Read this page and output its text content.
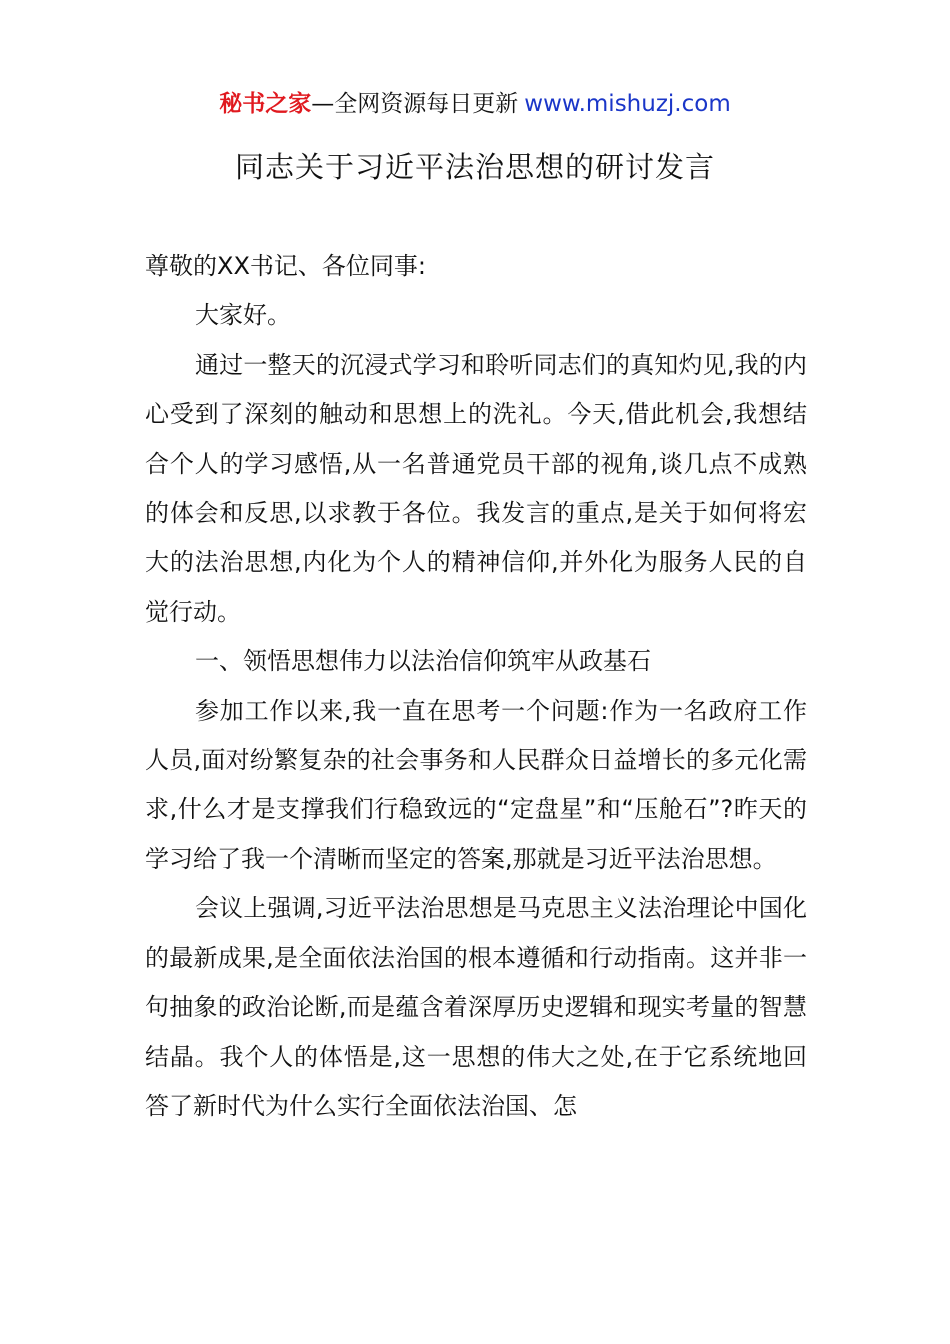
秘书之家—全网资源每日更新 www.mishuzj.com
同志关于习近平法治思想的研讨发言

尊敬的XX书记、各位同事:

大家好。

通过一整天的沉浸式学习和聆听同志们的真知灼见,我的内心受到了深刻的触动和思想上的洗礼。今天,借此机会,我想结合个人的学习感悟,从一名普通党员干部的视角,谈几点不成熟的体会和反思,以求教于各位。我发言的重点,是关于如何将宏大的法治思想,内化为个人的精神信仰,并外化为服务人民的自觉行动。

一、领悟思想伟力以法治信仰筑牢从政基石

参加工作以来,我一直在思考一个问题:作为一名政府工作人员,面对纷繁复杂的社会事务和人民群众日益增长的多元化需求,什么才是支撑我们行稳致远的“定盘星”和“压舱石”?昨天的学习给了我一个清晰而坚定的答案,那就是习近平法治思想。

会议上强调,习近平法治思想是马克思主义法治理论中国化的最新成果,是全面依法治国的根本遵循和行动指南。这并非一句抽象的政治论断,而是蕴含着深厚历史逻辑和现实考量的智慧结晶。我个人的体悟是,这一思想的伟大之处,在于它系统地回答了新时代为什么实行全面依法治国、怎
